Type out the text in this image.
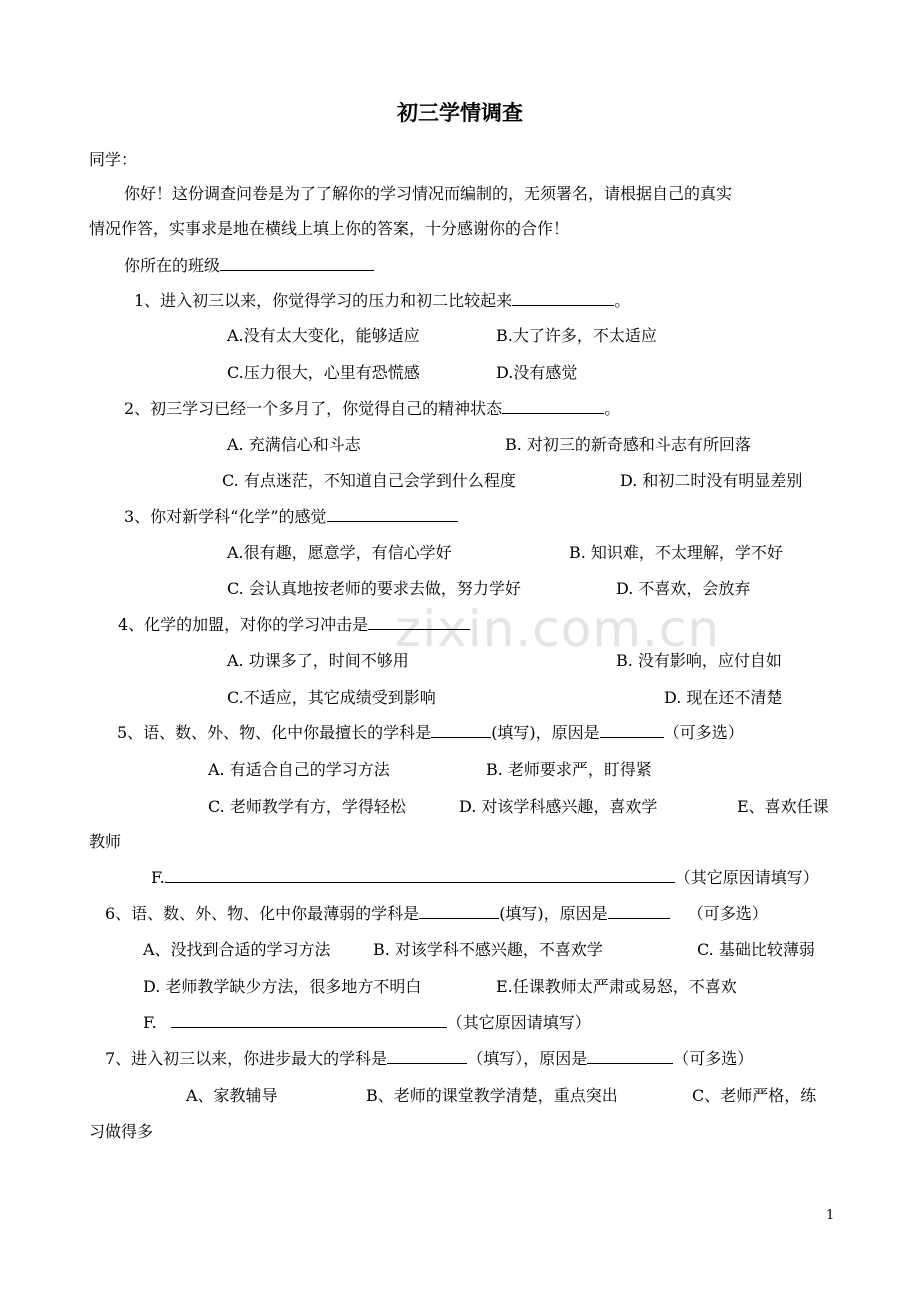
zixin.com.cn
初三学情调查
同学：
你好！这份调查问卷是为了了解你的学习情况而编制的，无须署名，请根据自己的真实
情况作答，实事求是地在横线上填上你的答案，十分感谢你的合作！
你所在的班级
1、进入初三以来，你觉得学习的压力和初二比较起来	。
A.没有太大变化，能够适应	B.大了许多，不太适应
C.压力很大，心里有恐慌感	D.没有感觉
2、初三学习已经一个多月了，你觉得自己的精神状态	。
A. 充满信心和斗志	B. 对初三的新奇感和斗志有所回落
C. 有点迷茫，不知道自己会学到什么程度	D. 和初二时没有明显差别
3、你对新学科“化学”的感觉
A.很有趣，愿意学，有信心学好	B. 知识难，不太理解，学不好
C. 会认真地按老师的要求去做，努力学好	D. 不喜欢，会放弃
4、化学的加盟，对你的学习冲击是
A. 功课多了，时间不够用	B. 没有影响，应付自如
C.不适应，其它成绩受到影响	D. 现在还不清楚
5、语、数、外、物、化中你最擅长的学科是	(填写)，原因是	（可多选）
A. 有适合自己的学习方法	B. 老师要求严，盯得紧
C. 老师教学有方，学得轻松	D. 对该学科感兴趣，喜欢学	E、喜欢任课
教师
F.	（其它原因请填写）
6、语、数、外、物、化中你最薄弱的学科是	(填写)，原因是	（可多选）
A、没找到合适的学习方法	B. 对该学科不感兴趣，不喜欢学	C. 基础比较薄弱
D. 老师教学缺少方法，很多地方不明白	E.任课教师太严肃或易怒，不喜欢
F.	（其它原因请填写）
7、进入初三以来，你进步最大的学科是	（填写），原因是	（可多选）
A、家教辅导	B、老师的课堂教学清楚，重点突出	C、老师严格，练
习做得多
1
